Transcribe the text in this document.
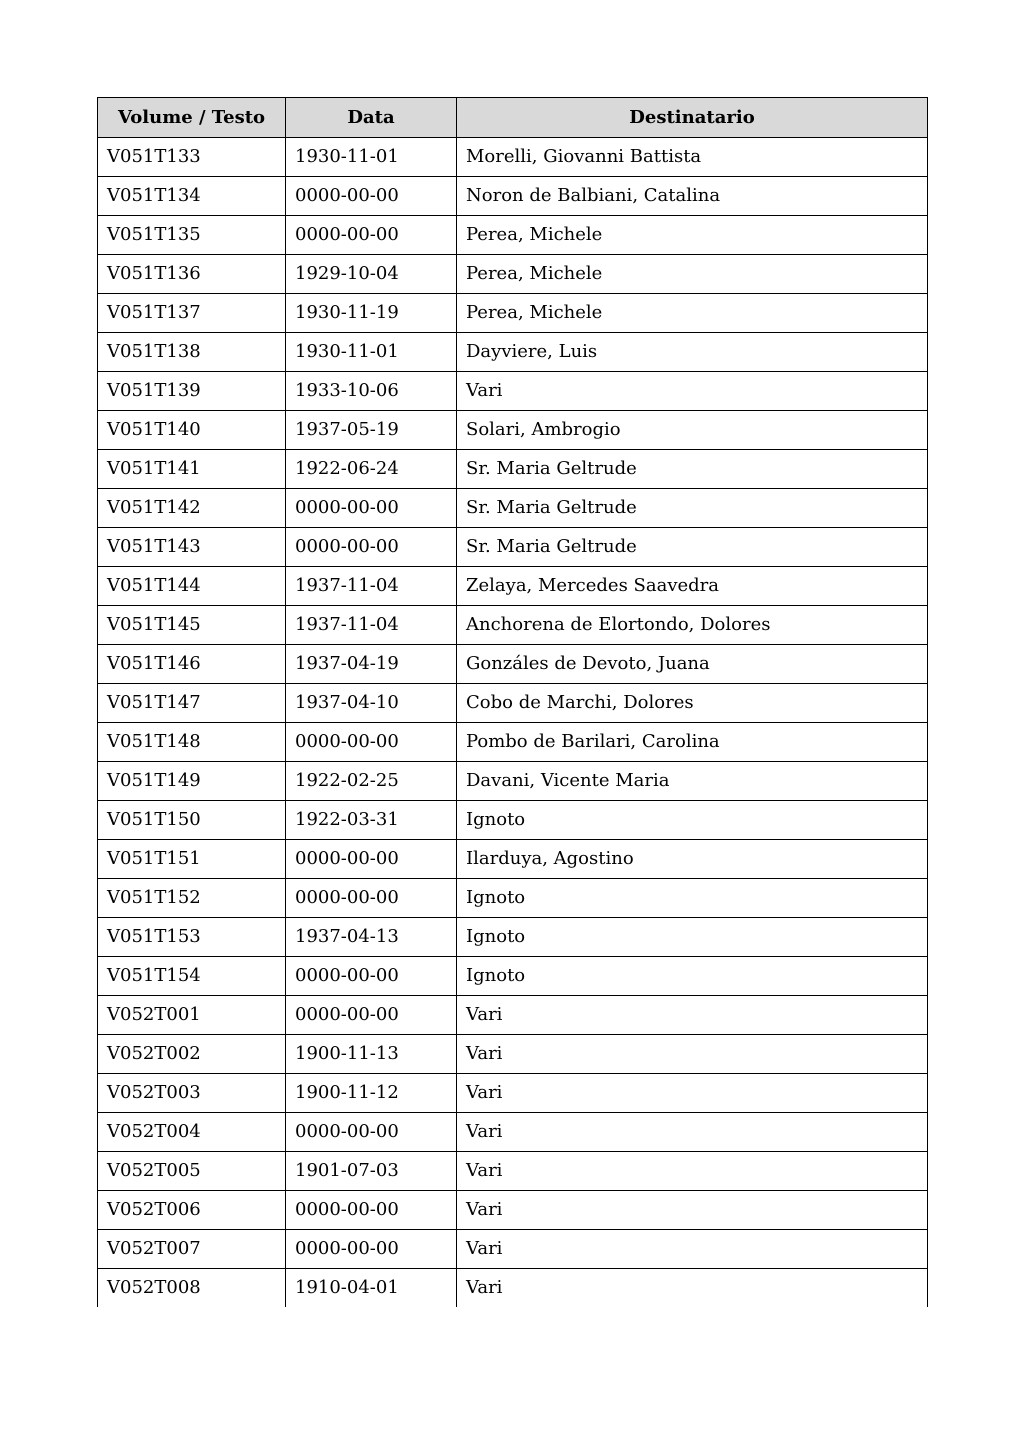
Volume / Testo	Data	Destinatario
V051T133	1930-11-01	Morelli, Giovanni Battista
V051T134	0000-00-00	Noron de Balbiani, Catalina
V051T135	0000-00-00	Perea, Michele
V051T136	1929-10-04	Perea, Michele
V051T137	1930-11-19	Perea, Michele
V051T138	1930-11-01	Dayviere, Luis
V051T139	1933-10-06	Vari
V051T140	1937-05-19	Solari, Ambrogio
V051T141	1922-06-24	Sr. Maria Geltrude
V051T142	0000-00-00	Sr. Maria Geltrude
V051T143	0000-00-00	Sr. Maria Geltrude
V051T144	1937-11-04	Zelaya, Mercedes Saavedra
V051T145	1937-11-04	Anchorena de Elortondo, Dolores
V051T146	1937-04-19	Gonzáles de Devoto, Juana
V051T147	1937-04-10	Cobo de Marchi, Dolores
V051T148	0000-00-00	Pombo de Barilari, Carolina
V051T149	1922-02-25	Davani, Vicente Maria
V051T150	1922-03-31	Ignoto
V051T151	0000-00-00	Ilarduya, Agostino
V051T152	0000-00-00	Ignoto
V051T153	1937-04-13	Ignoto
V051T154	0000-00-00	Ignoto
V052T001	0000-00-00	Vari
V052T002	1900-11-13	Vari
V052T003	1900-11-12	Vari
V052T004	0000-00-00	Vari
V052T005	1901-07-03	Vari
V052T006	0000-00-00	Vari
V052T007	0000-00-00	Vari
V052T008	1910-04-01	Vari
